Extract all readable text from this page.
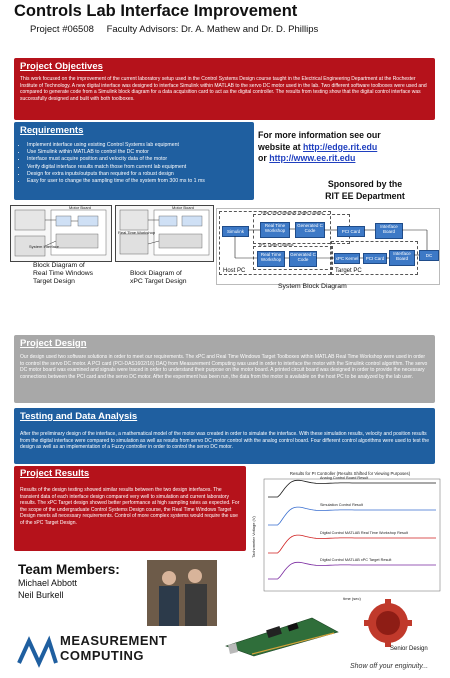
Controls Lab Interface Improvement
Project #06508 Faculty Advisors: Dr. A. Mathew and Dr. D. Phillips
Project Objectives
This work focused on the improvement of the current laboratory setup used in the Control Systems Design course taught in the Electrical Engineering Department at the Rochester Institute of Technology. A new digital interface was designed to interface Simulink within MATLAB to the servo DC motor used in the lab. Two different software toolboxes were used and compared to generate code from a Simulink block diagram for a data acquisition card to act as the digital controller. The results from testing show that the digital control interface was successfully designed and built with both toolboxes.
Requirements
• Implement interface using existing Control Systems lab equipment
• Use Simulink within MATLAB to control the DC motor
• Interface must acquire position and velocity data of the motor
• Verify digital interface results match those from current lab equipment
• Design for extra inputs/outputs than required for a robust design
• Easy for user to change the sampling time of the system from 300 ms to 1 ms
For more information see our
website at http://edge.rit.edu
or http://www.ee.rit.edu
Sponsored by the
RIT EE Department
Motor Board
System Interface
Motor Board
Real Time Workshop
Block Diagram of
Real Time Windows
Target Design
Block Diagram of
xPC Target Design
Real Time Windows Target Toolbox
xPC Target Toolbox
Simulink
Real Time Workshop
Generated C Code	PCI Card
Interface Board
DC Motor
Real Time Workshop
Generated C Code	xPC Kernel	PCI Card
Interface Board
Host PC	Target PC
System Block Diagram
Project Design
Our design used two software solutions in order to meet our requirements. The xPC and Real Time Windows Target Toolboxes within MATLAB Real Time Workshop were used in order to control the servo DC motor. A PCI card (PCI-DAS1602/16) DAQ from Measurement Computing was used in order to interface the motor with the Simulink control algorithm. The servo DC motor board was examined and signals were traced in order to understand their purpose on the motor board. A printed circuit board was designed in order to provide the necessary connections between the PCI card and the servo DC motor. After the experiment has been run, the data from the motor is available on the host PC to be analyzed by the lab user.
Testing and Data Analysis
After the preliminary design of the interface, a mathematical model of the motor was created in order to simulate the interface. With these simulation results, velocity and position results from the digital interface were compared to simulation as well as results from servo DC motor control with the analog control board. Four different control algorithms were used to test the design as well as an implementation of a Fuzzy controller in order to control the servo DC motor.
Project Results
Results of the design testing showed similar results between the two design interfaces. The transient data of each interface design compared very well to simulation and current laboratory results. The xPC Target design showed better performance at high sampling rates as expected. For the scope of the undergraduate Control Systems Design course, the Real Time Windows Target Design meets all necessary requirements. Control of more complex systems would require the use of the xPC Target Design.
Results for PI Controller (Results Shifted for Viewing Purposes)
Tachometer Voltage (V)
time (sec)
Analog Control Board Result
Simulation Control Result
Digital Control MATLAB Real Time Workshop Result
Digital Control MATLAB xPC Target Result
Team Members:
Michael Abbott
Neil Burkell
Senior Design
MEASUREMENT
COMPUTING
Show off your enginuity...
